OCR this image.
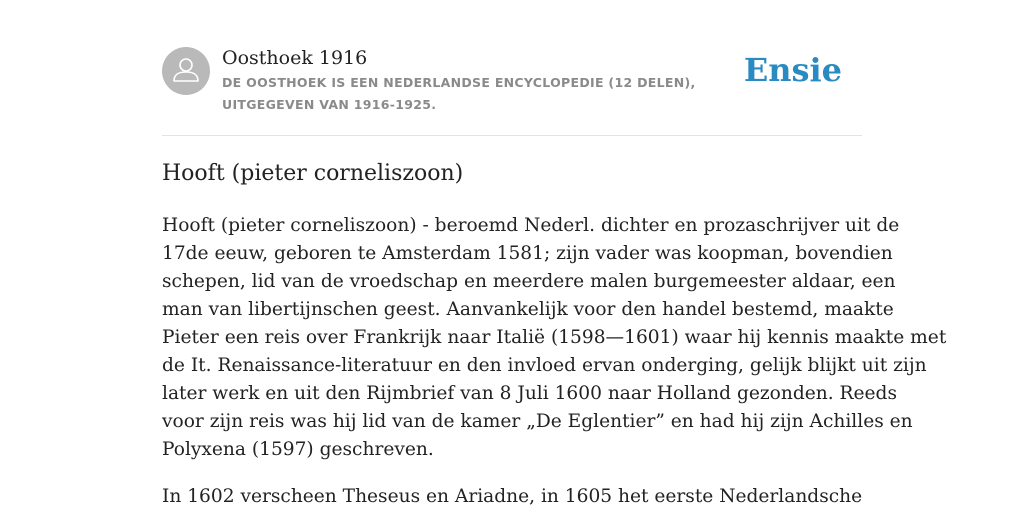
Oosthoek 1916
DE OOSTHOEK IS EEN NEDERLANDSE ENCYCLOPEDIE (12 DELEN), UITGEGEVEN VAN 1916-1925.
Ensie
Hooft (pieter corneliszoon)

Hooft (pieter corneliszoon) - beroemd Nederl. dichter en prozaschrijver uit de
17de eeuw, geboren te Amsterdam 1581; zijn vader was koopman, bovendien
schepen, lid van de vroedschap en meerdere malen burgemeester aldaar, een
man van libertijnschen geest. Aanvankelijk voor den handel bestemd, maakte
Pieter een reis over Frankrijk naar Italië (1598—1601) waar hij kennis maakte met
de It. Renaissance-literatuur en den invloed ervan onderging, gelijk blijkt uit zijn
later werk en uit den Rijmbrief van 8 Juli 1600 naar Holland gezonden. Reeds
voor zijn reis was hij lid van de kamer „De Eglentier” en had hij zijn Achilles en
Polyxena (1597) geschreven.

In 1602 verscheen Theseus en Ariadne, in 1605 het eerste Nederlandsche
